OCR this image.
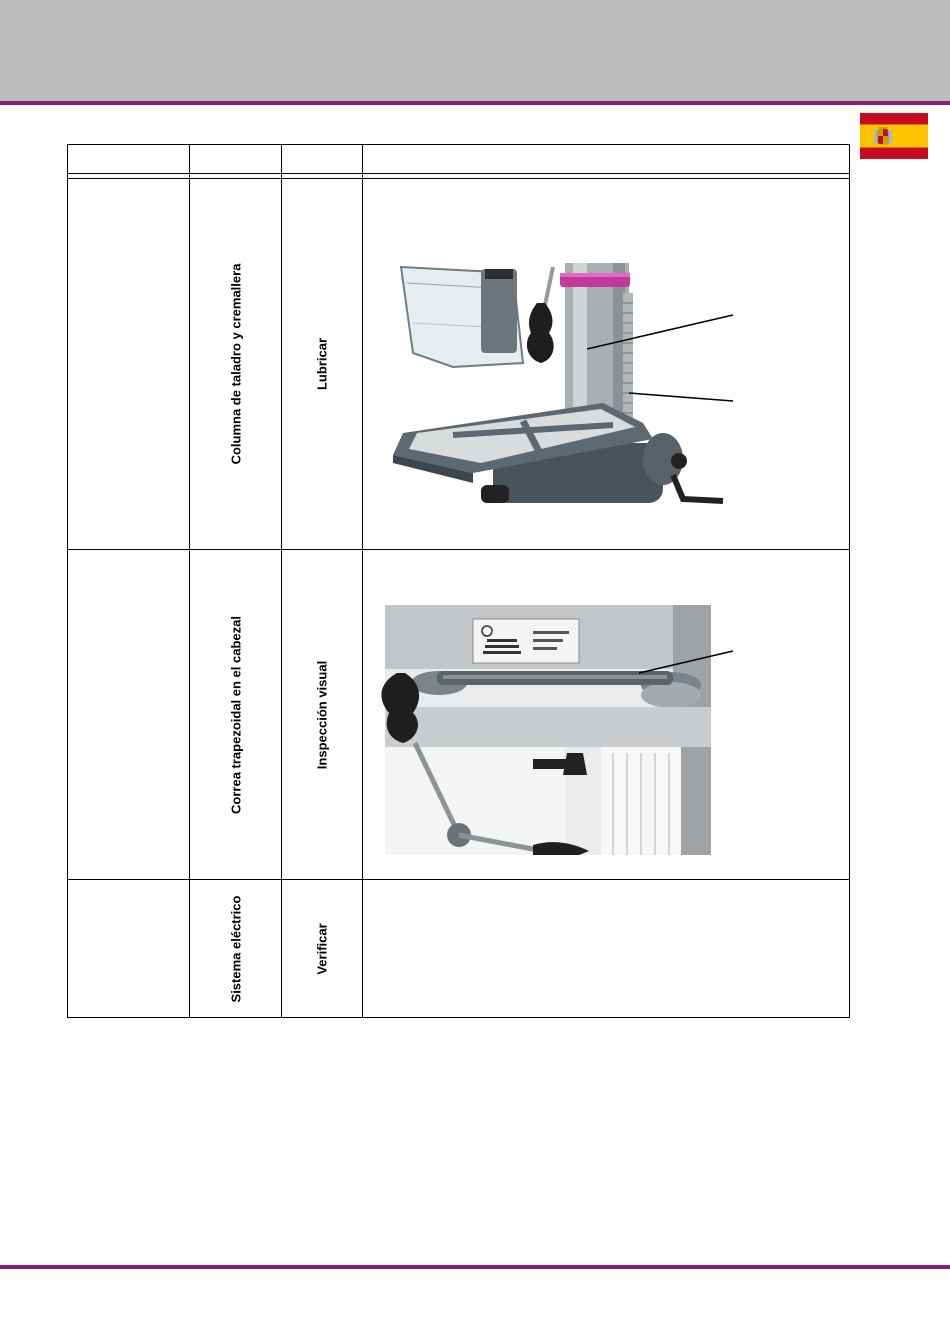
	Columna de taladro y cremallera	Lubricar

	Correa trapezoidal en el cabezal	Inspección visual

	Sistema eléctrico	Verificar	
